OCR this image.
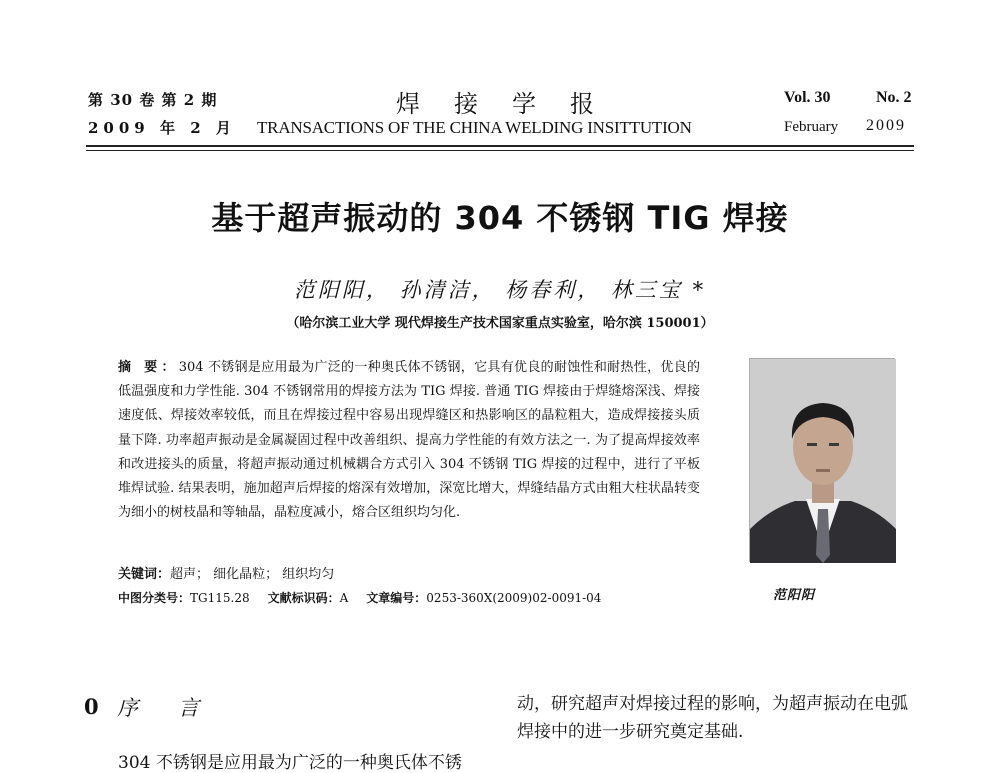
第 30 卷 第 2 期
2009 年 2 月
焊接学报
TRANSACTIONS OF THE CHINA WELDING INSITTUTION
Vol. 30	No. 2
February 2009
基于超声振动的 304 不锈钢 TIG 焊接
范阳阳， 孙清洁， 杨春利， 林三宝 *
（哈尔滨工业大学 现代焊接生产技术国家重点实验室，哈尔滨 150001）
摘 要：304 不锈钢是应用最为广泛的一种奥氏体不锈钢，它具有优良的耐蚀性和耐热性，优良的低温强度和力学性能. 304 不锈钢常用的焊接方法为 TIG 焊接. 普通 TIG 焊接由于焊缝熔深浅、焊接速度低、焊接效率较低，而且在焊接过程中容易出现焊缝区和热影响区的晶粒粗大，造成焊接接头质量下降. 功率超声振动是金属凝固过程中改善组织、提高力学性能的有效方法之一. 为了提高焊接效率和改进接头的质量，将超声振动通过机械耦合方式引入 304 不锈钢 TIG 焊接的过程中，进行了平板堆焊试验. 结果表明，施加超声后焊接的熔深有效增加，深宽比增大，焊缝结晶方式由粗大柱状晶转变为细小的树枝晶和等轴晶，晶粒度减小，熔合区组织均匀化.
关键词：超声； 细化晶粒； 组织均匀
中图分类号：TG115.28 文献标识码：A 文章编号：0253-360X(2009)02-0091-04	范阳阳
0 序言	动，研究超声对焊接过程的影响，为超声振动在电弧
焊接中的进一步研究奠定基础.
304 不锈钢是应用最为广泛的一种奥氏体不锈
